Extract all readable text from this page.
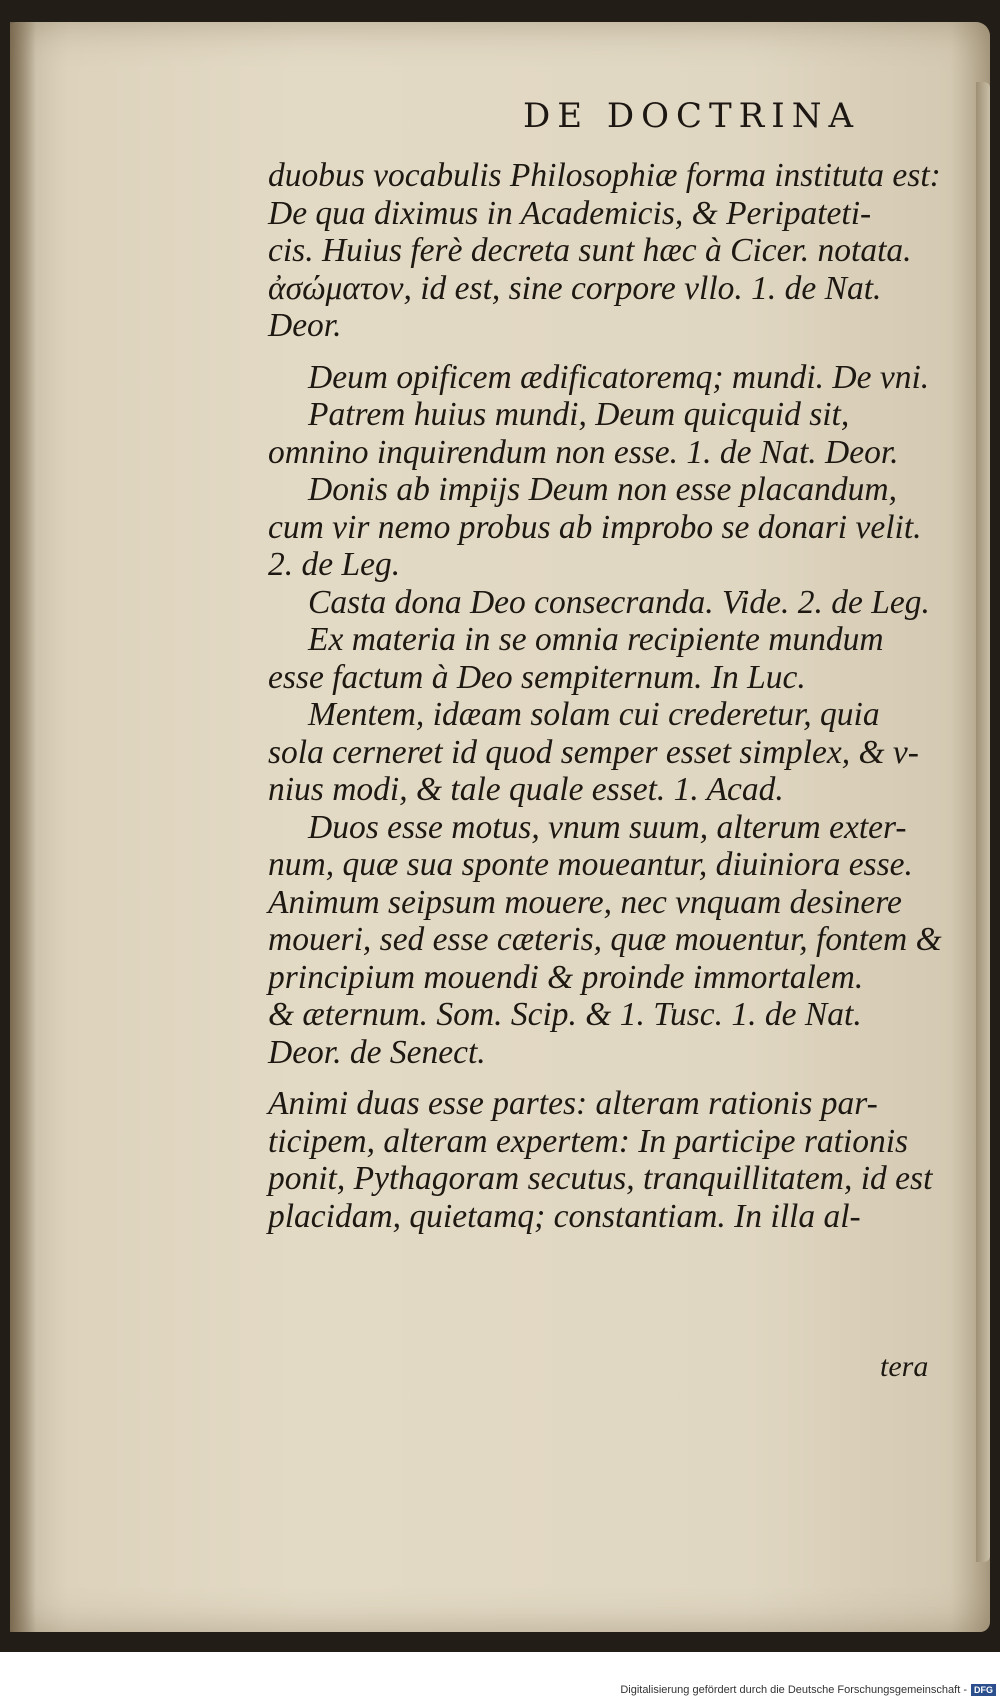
DE DOCTRINA
duobus vocabulis Philosophiæ forma instituta est:
De qua diximus in Academicis, & Peripateti-
cis. Huius ferè decreta sunt hæc à Cicer. notata.
ἀσώματον, id est, sine corpore vllo. 1. de Nat.
Deor.
Deum opificem ædificatoremq; mundi. De vni.
Patrem huius mundi, Deum quicquid sit,
omnino inquirendum non esse. 1. de Nat. Deor.
Donis ab impijs Deum non esse placandum,
cum vir nemo probus ab improbo se donari velit.
2. de Leg.
Casta dona Deo consecranda. Vide. 2. de Leg.
Ex materia in se omnia recipiente mundum
esse factum à Deo sempiternum. In Luc.
Mentem, idæam solam cui crederetur, quia
sola cerneret id quod semper esset simplex, & v-
nius modi, & tale quale esset. 1. Acad.
Duos esse motus, vnum suum, alterum exter-
num, quæ sua sponte moueantur, diuiniora esse.
Animum seipsum mouere, nec vnquam desinere
moueri, sed esse cæteris, quæ mouentur, fontem &
principium mouendi & proinde immortalem.
& æternum. Som. Scip. & 1. Tusc. 1. de Nat.
Deor. de Senect.
Animi duas esse partes: alteram rationis par-
ticipem, alteram expertem: In participe rationis
ponit, Pythagoram secutus, tranquillitatem, id est
placidam, quietamq; constantiam. In illa al-
tera
Digitalisierung gefördert durch die Deutsche Forschungsgemeinschaft - DFG
